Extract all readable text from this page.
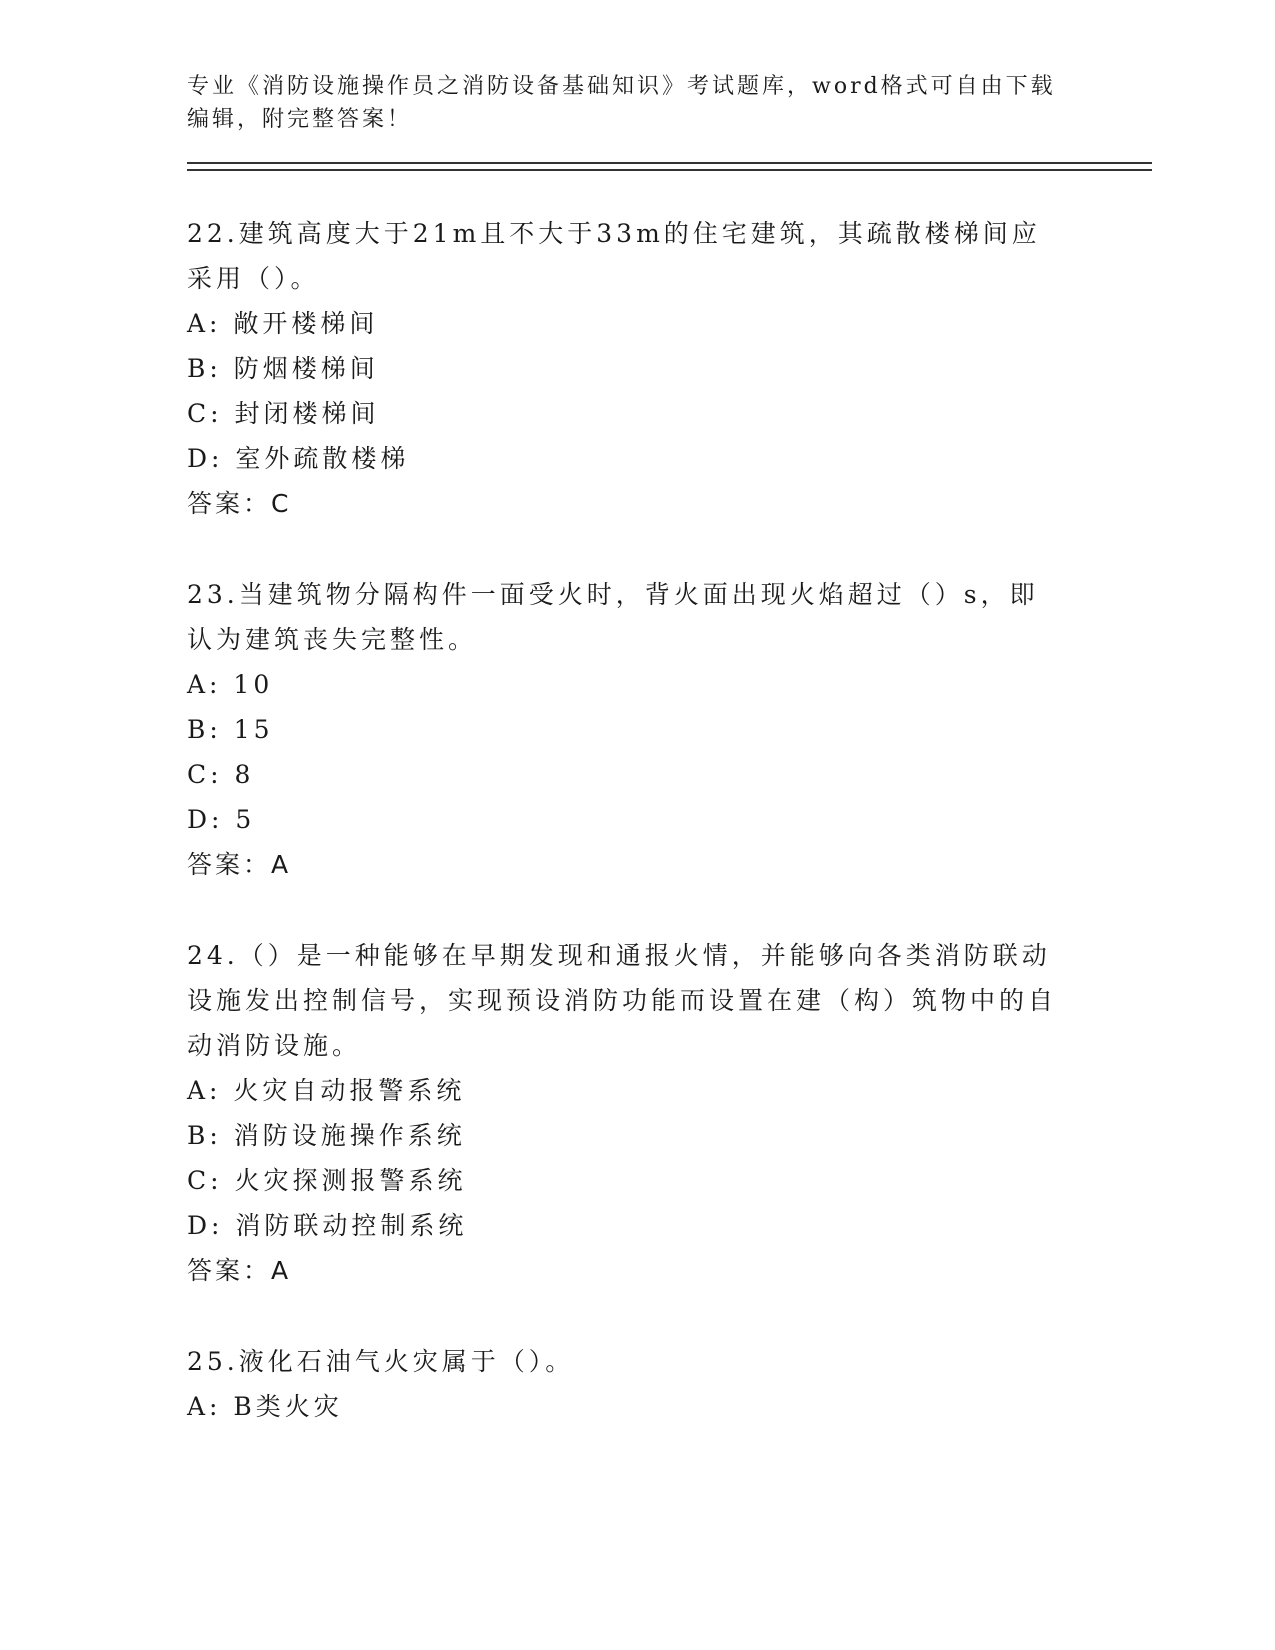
专业《消防设施操作员之消防设备基础知识》考试题库，word格式可自由下载编辑，附完整答案！
22.建筑高度大于21m且不大于33m的住宅建筑，其疏散楼梯间应采用（）。
A: 敞开楼梯间
B: 防烟楼梯间
C: 封闭楼梯间
D: 室外疏散楼梯
答案：C
23.当建筑物分隔构件一面受火时，背火面出现火焰超过（）s，即认为建筑丧失完整性。
A: 10
B: 15
C: 8
D: 5
答案：A
24.（）是一种能够在早期发现和通报火情，并能够向各类消防联动设施发出控制信号，实现预设消防功能而设置在建（构）筑物中的自动消防设施。
A: 火灾自动报警系统
B: 消防设施操作系统
C: 火灾探测报警系统
D: 消防联动控制系统
答案：A
25.液化石油气火灾属于（）。
A: B类火灾
